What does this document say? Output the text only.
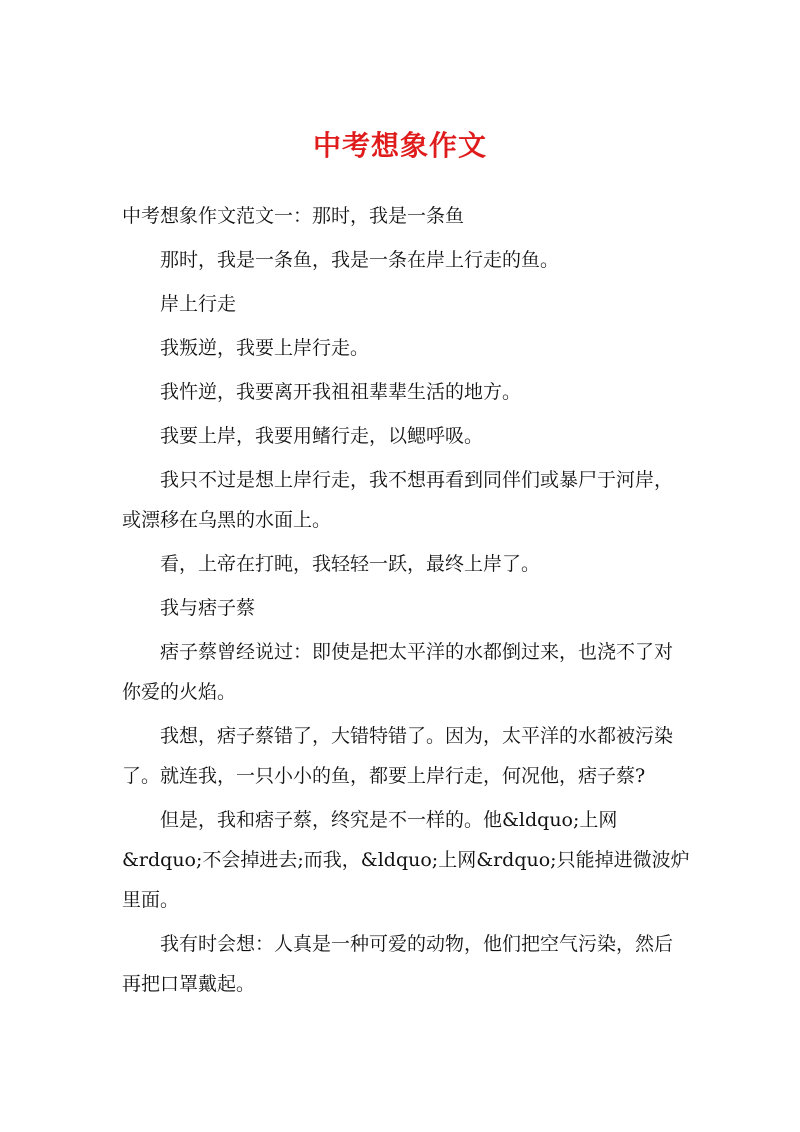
中考想象作文

中考想象作文范文一：那时，我是一条鱼

那时，我是一条鱼，我是一条在岸上行走的鱼。

岸上行走

我叛逆，我要上岸行走。

我忤逆，我要离开我祖祖辈辈生活的地方。

我要上岸，我要用鳍行走，以鳃呼吸。

我只不过是想上岸行走，我不想再看到同伴们或暴尸于河岸，或漂移在乌黑的水面上。

看，上帝在打盹，我轻轻一跃，最终上岸了。

我与痞子蔡

痞子蔡曾经说过：即使是把太平洋的水都倒过来，也浇不了对你爱的火焰。

我想，痞子蔡错了，大错特错了。因为，太平洋的水都被污染了。就连我，一只小小的鱼，都要上岸行走，何况他，痞子蔡?

但是，我和痞子蔡，终究是不一样的。他&ldquo;上网&rdquo;不会掉进去;而我，&ldquo;上网&rdquo;只能掉进微波炉里面。

我有时会想：人真是一种可爱的动物，他们把空气污染，然后再把口罩戴起。
